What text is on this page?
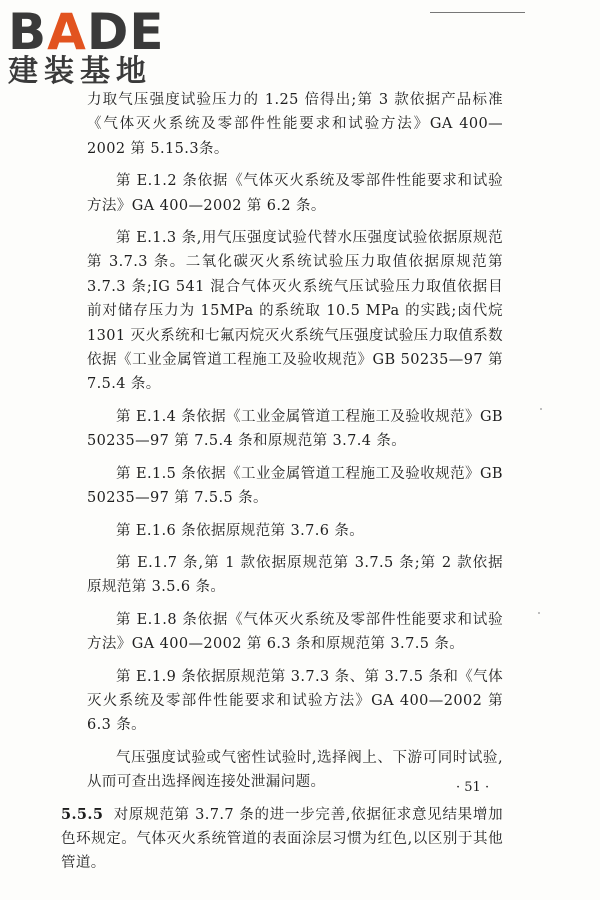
BADE
建装基地

力取气压强度试验压力的 1.25 倍得出;第 3 款依据产品标准《气体灭火系统及零部件性能要求和试验方法》GA 400—2002 第 5.15.3条。

第 E.1.2 条依据《气体灭火系统及零部件性能要求和试验方法》GA 400—2002 第 6.2 条。

第 E.1.3 条,用气压强度试验代替水压强度试验依据原规范第 3.7.3 条。二氧化碳灭火系统试验压力取值依据原规范第 3.7.3 条;IG 541 混合气体灭火系统气压试验压力取值依据目前对储存压力为 15MPa 的系统取 10.5 MPa 的实践;卤代烷 1301 灭火系统和七氟丙烷灭火系统气压强度试验压力取值系数依据《工业金属管道工程施工及验收规范》GB 50235—97 第 7.5.4 条。

第 E.1.4 条依据《工业金属管道工程施工及验收规范》GB 50235—97 第 7.5.4 条和原规范第 3.7.4 条。

第 E.1.5 条依据《工业金属管道工程施工及验收规范》GB 50235—97 第 7.5.5 条。

第 E.1.6 条依据原规范第 3.7.6 条。

第 E.1.7 条,第 1 款依据原规范第 3.7.5 条;第 2 款依据原规范第 3.5.6 条。

第 E.1.8 条依据《气体灭火系统及零部件性能要求和试验方法》GA 400—2002 第 6.3 条和原规范第 3.7.5 条。

第 E.1.9 条依据原规范第 3.7.3 条、第 3.7.5 条和《气体灭火系统及零部件性能要求和试验方法》GA 400—2002 第 6.3 条。

气压强度试验或气密性试验时,选择阀上、下游可同时试验,从而可查出选择阀连接处泄漏问题。

5.5.5 对原规范第 3.7.7 条的进一步完善,依据征求意见结果增加色环规定。气体灭火系统管道的表面涂层习惯为红色,以区别于其他管道。

· 51 ·
